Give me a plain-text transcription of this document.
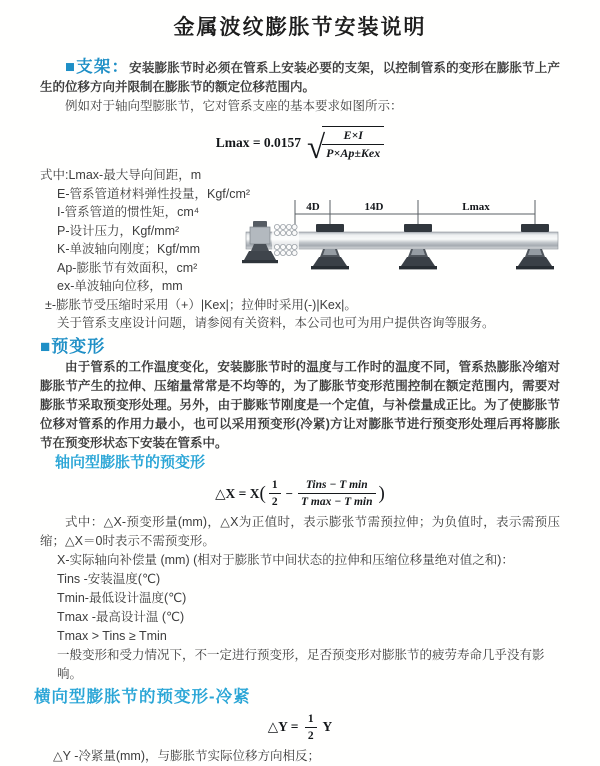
金属波纹膨胀节安装说明

■支架：安装膨胀节时必须在管系上安装必要的支架，以控制管系的变形在膨胀节上产生的位移方向并限制在膨胀节的额定位移范围内。

例如对于轴向型膨胀节，它对管系支座的基本要求如图所示：

Lmax = 0.0157 √
$\frac{E\times I}{\text{P×Ap±Kex}}$
式中:Lmax-最大导向间距，m
E-管系管道材料弹性投量，Kgf/cm²
I-管系管道的惯性矩，cm⁴
P-设计压力，Kgf/mm²
K-单波轴向刚度；Kgf/mm
Ap-膨胀节有效面积，cm²
ex-单波轴向位移，mm
±-膨胀节受压缩时采用（+）|Kex|；拉伸时采用(-)|Kex|。

关于管系支座设计问题，请参阅有关资料，本公司也可为用户提供咨询等服务。

4D	14D	Lmax

■预变形

由于管系的工作温度变化，安装膨胀节时的温度与工作时的温度不同，管系热膨胀冷缩对膨胀节产生的拉伸、压缩量常常是不均等的，为了膨胀节变形范围控制在额定范围内，需要对膨胀节采取预变形处理。另外，由于膨账节刚度是一个定值，与补偿量成正比。为了使膨胀节位移对管系的作用力最小，也可以采用预变形(冷紧)方让对膨胀节进行预变形处理后再将膨胀节在预变形状态下安装在管系中。

轴向型膨胀节的预变形

△X = X ( $\frac{1}{2} - \frac{\text{Tins − T min}}{\text{T max − T min}}$ )

式中：△X-预变形量(mm)，△X为正值时，表示膨张节需预拉伸；为负值时，表示需预压缩；△X＝0时表示不需预变形。

X-实际轴向补偿量 (mm) (相对于膨胀节中间状态的拉伸和压缩位移量绝对值之和)：

Tins -安装温度(℃)

Tmin-最低设计温度(℃)

Tmax -最高设计温 (℃)

Tmax > Tins ≥ Tmin

一般变形和受力情况下，不一定进行预变形，足否预变形对膨胀节的疲劳寿命几乎没有影响。

横向型膨胀节的预变形-冷紧

△Y = $\frac{1}{2}$ Y

△Y -冷紧量(mm)，与膨胀节实际位移方向相反；
